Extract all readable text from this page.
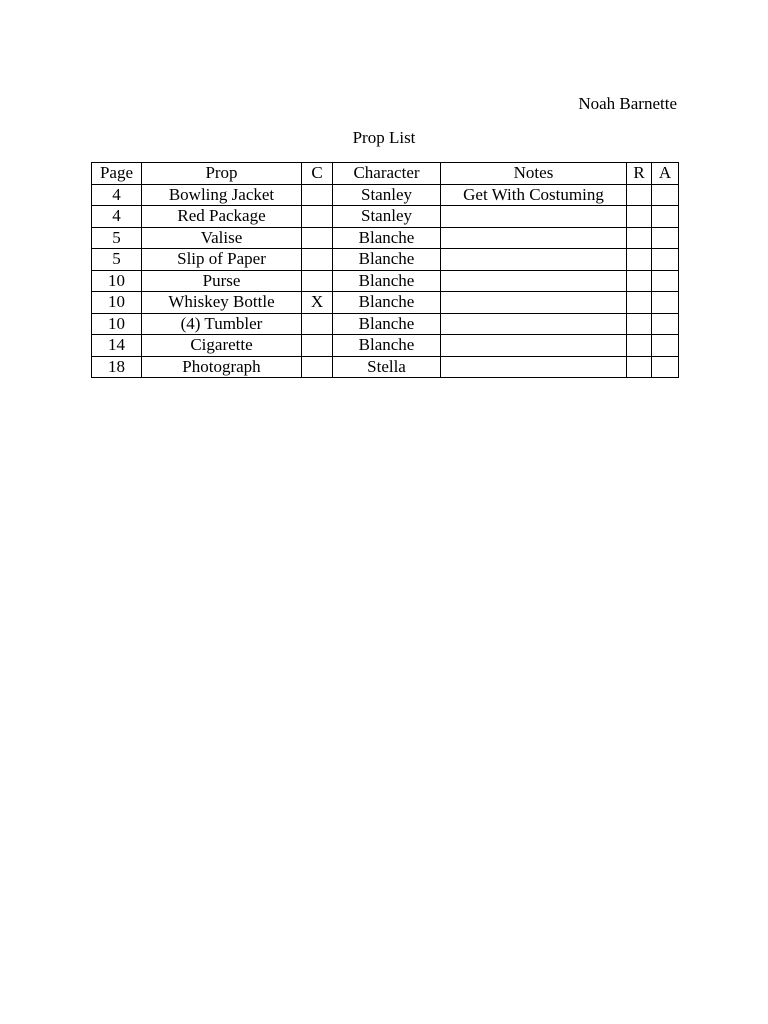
Noah Barnette
Prop List
Page	Prop	C	Character	Notes	R	A
4	Bowling Jacket		Stanley	Get With Costuming		
4	Red Package		Stanley			
5	Valise		Blanche			
5	Slip of Paper		Blanche			
10	Purse		Blanche			
10	Whiskey Bottle	X	Blanche			
10	(4) Tumbler		Blanche			
14	Cigarette		Blanche			
18	Photograph		Stella			
